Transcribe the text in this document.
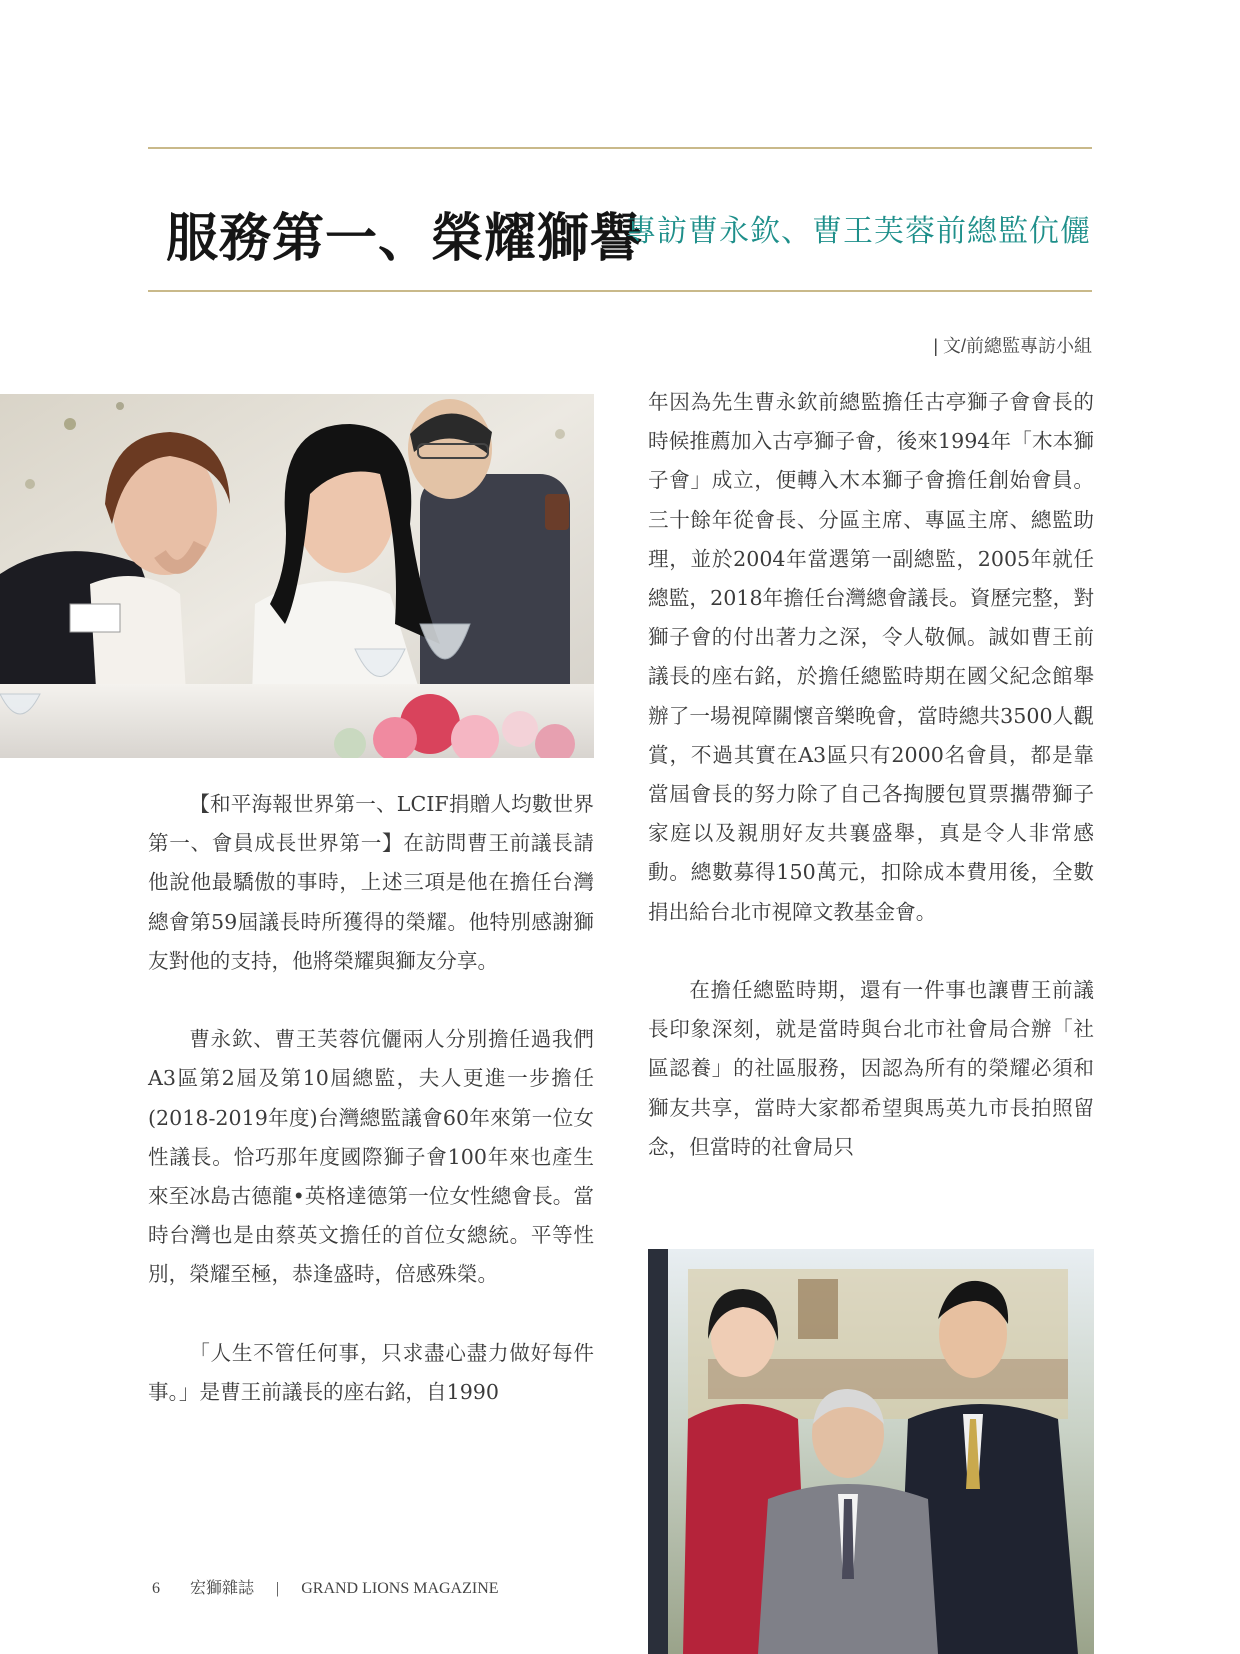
服務第一、榮耀獅譽
專訪曹永欽、曹王芙蓉前總監伉儷
| 文/前總監專訪小組

【和平海報世界第一、LCIF捐贈人均數世界第一、會員成長世界第一】在訪問曹王前議長請他說他最驕傲的事時，上述三項是他在擔任台灣總會第59屆議長時所獲得的榮耀。他特別感謝獅友對他的支持，他將榮耀與獅友分享。

曹永欽、曹王芙蓉伉儷兩人分別擔任過我們A3區第2屆及第10屆總監，夫人更進一步擔任(2018-2019年度)台灣總監議會60年來第一位女性議長。恰巧那年度國際獅子會100年來也產生來至冰島古德龍•英格達德第一位女性總會長。當時台灣也是由蔡英文擔任的首位女總統。平等性別，榮耀至極，恭逢盛時，倍感殊榮。

「人生不管任何事，只求盡心盡力做好每件事。」是曹王前議長的座右銘，自1990

年因為先生曹永欽前總監擔任古亭獅子會會長的時候推薦加入古亭獅子會，後來1994年「木本獅子會」成立，便轉入木本獅子會擔任創始會員。三十餘年從會長、分區主席、專區主席、總監助理，並於2004年當選第一副總監，2005年就任總監，2018年擔任台灣總會議長。資歷完整，對獅子會的付出著力之深，令人敬佩。誠如曹王前議長的座右銘，於擔任總監時期在國父紀念館舉辦了一場視障關懷音樂晚會，當時總共3500人觀賞，不過其實在A3區只有2000名會員，都是靠當屆會長的努力除了自己各掏腰包買票攜帶獅子家庭以及親朋好友共襄盛舉，真是令人非常感動。總數募得150萬元，扣除成本費用後，全數捐出給台北市視障文教基金會。

在擔任總監時期，還有一件事也讓曹王前議長印象深刻，就是當時與台北市社會局合辦「社區認養」的社區服務，因認為所有的榮耀必須和獅友共享，當時大家都希望與馬英九市長拍照留念，但當時的社會局只

6 宏獅雜誌 | GRAND LIONS MAGAZINE
